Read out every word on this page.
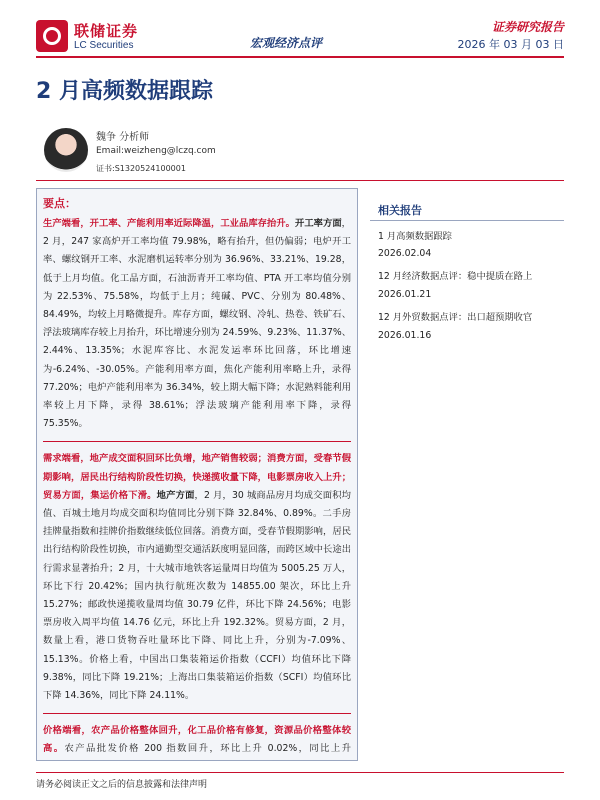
联储证券
LC Securities	宏观经济点评
证券研究报告
2026 年 03 月 03 日
2 月高频数据跟踪
魏争 分析师
Email:weizheng@lczq.com
证书:S1320524100001
要点：
生产端看，开工率、产能利用率近际降温，工业品库存抬升。开工率方面，2 月，247 家高炉开工率均值 79.98%，略有抬升，但仍偏弱；电炉开工率、螺纹钢开工率、水泥磨机运转率分别为 36.96%、33.21%、19.28，低于上月均值。化工品方面，石油沥青开工率均值、PTA 开工率均值分别为 22.53%、75.58%，均低于上月；纯碱、PVC、分别为 80.48%、84.49%，均较上月略微提升。库存方面，螺纹钢、冷轧、热卷、铁矿石、浮法玻璃库存较上月抬升，环比增速分别为 24.59%、9.23%、11.37%、2.44%、13.35%；水泥库容比、水泥发运率环比回落，环比增速为-6.24%、-30.05%。产能利用率方面，焦化产能利用率略上升，录得 77.20%；电炉产能利用率为 36.34%，较上期大幅下降；水泥熟料能利用率较上月下降，录得 38.61%；浮法玻璃产能利用率下降，录得 75.35%。
需求端看，地产成交面积回环比负增，地产销售较弱；消费方面，受春节假期影响，居民出行结构阶段性切换，快递揽收量下降，电影票房收入上升；贸易方面，集运价格下滑。地产方面，2 月，30 城商品房月均成交面积均值、百城土地月均成交面积均值同比分别下降 32.84%、0.89%。二手房挂牌量指数和挂牌价指数继续低位回落。消费方面，受春节假期影响，居民出行结构阶段性切换，市内通勤型交通活跃度明显回落，而跨区域中长途出行需求显著抬升；2 月，十大城市地铁客运量周日均值为 5005.25 万人，环比下行 20.42%；国内执行航班次数为 14855.00 架次，环比上升 15.27%；邮政快递揽收量周均值 30.79 亿件，环比下降 24.56%；电影票房收入周平均值 14.76 亿元，环比上升 192.32%。贸易方面，2 月，数量上看，港口货物吞吐量环比下降、同比上升，分别为-7.09%、15.13%。价格上看，中国出口集装箱运价指数（CCFI）均值环比下降 9.38%，同比下降 19.21%；上海出口集装箱运价指数（SCFI）均值环比下降 14.36%，同比下降 24.11%。
价格端看，农产品价格整体回升，化工品价格有修复，资源品价格整体较高。农产品批发价格 200 指数回升，环比上升 0.02%，同比上升
相关报告
1 月高频数据跟踪
2026.02.04
12 月经济数据点评：稳中提质在路上
2026.01.21
12 月外贸数据点评：出口超预期收官
2026.01.16
请务必阅读正文之后的信息披露和法律声明
